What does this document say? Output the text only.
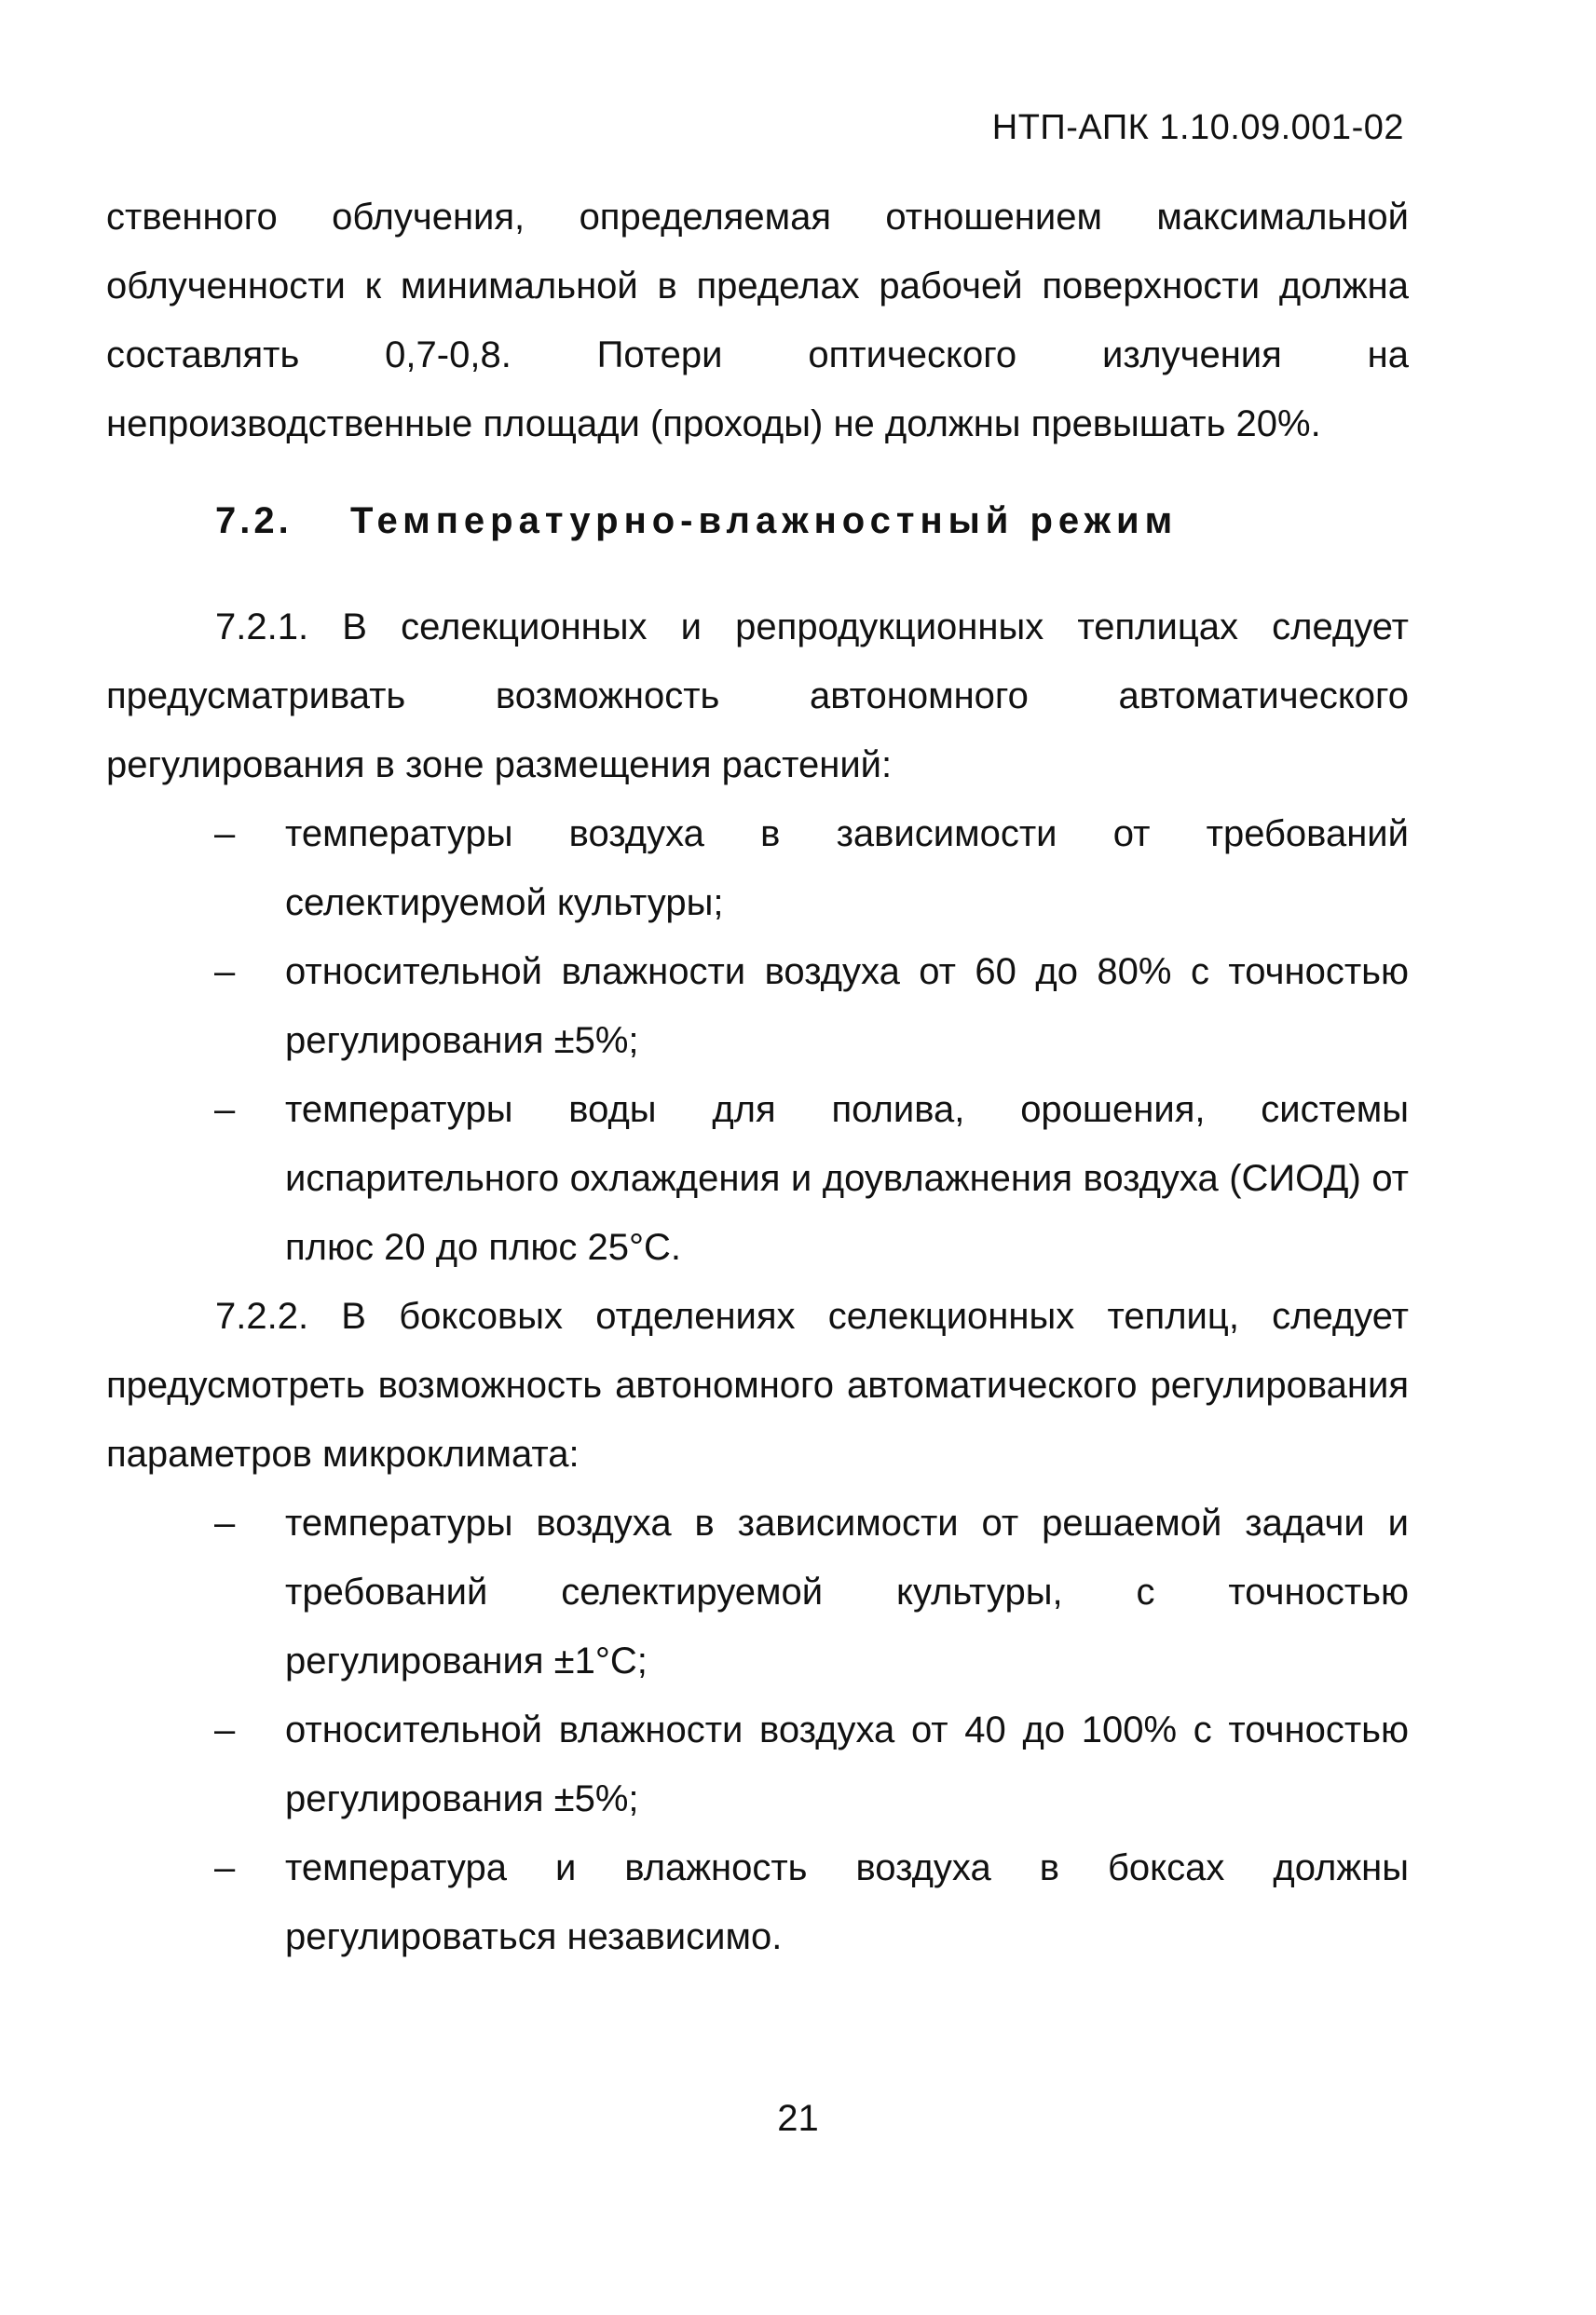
НТП-АПК 1.10.09.001-02

ственного облучения, определяемая отношением максимальной облученности к минимальной в пределах рабочей поверхности должна составлять 0,7-0,8. Потери оптического излучения на непроизводственные площади (проходы) не должны превышать 20%.

7.2. Температурно-влажностный режим

7.2.1. В селекционных и репродукционных теплицах следует предусматривать возможность автономного автоматического регулирования в зоне размещения растений:

– температуры воздуха в зависимости от требований селектируемой культуры;
– относительной влажности воздуха от 60 до 80% с точностью регулирования ±5%;
– температуры воды для полива, орошения, системы испарительного охлаждения и доувлажнения воздуха (СИОД) от плюс 20 до плюс 25°С.

7.2.2. В боксовых отделениях селекционных теплиц, следует предусмотреть возможность автономного автоматического регулирования параметров микроклимата:

– температуры воздуха в зависимости от решаемой задачи и требований селектируемой культуры, с точностью регулирования ±1°С;
– относительной влажности воздуха от 40 до 100% с точностью регулирования ±5%;
– температура и влажность воздуха в боксах должны регулироваться независимо.
21
